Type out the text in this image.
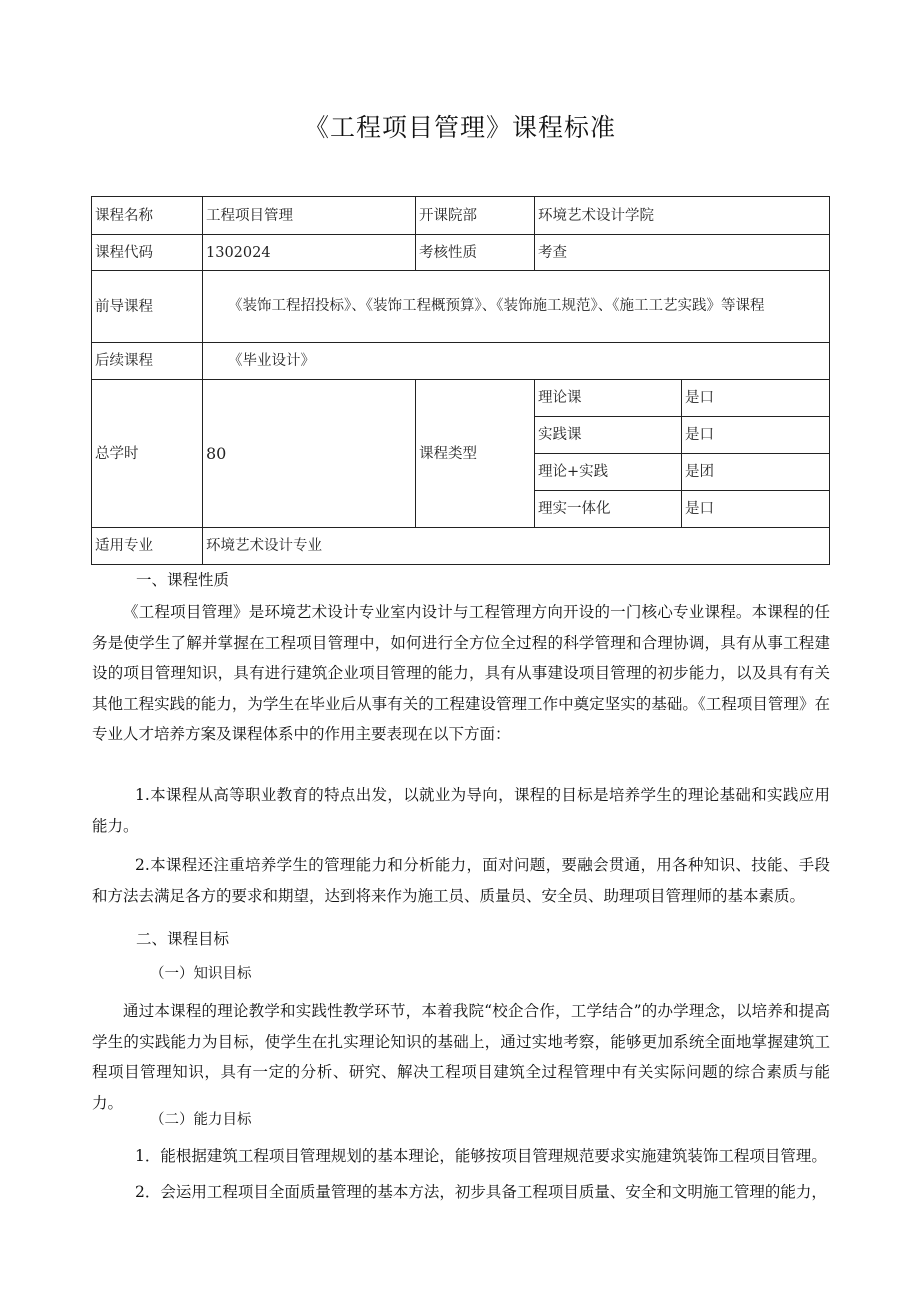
《工程项目管理》课程标准
课程名称	工程项目管理	开课院部	环境艺术设计学院	
课程代码	1302024	考核性质	考查	
前导课程	《装饰工程招投标》、《装饰工程概预算》、《装饰施工规范》、《施工工艺实践》等课程			
后续课程	《毕业设计》			
总学时	80	课程类型	理论课	是口
			实践课	是口
			理论+实践	是团
			理实一体化	是口
适用专业	环境艺术设计专业			
一、课程性质
《工程项目管理》是环境艺术设计专业室内设计与工程管理方向开设的一门核心专业课程。本课程的任务是使学生了解并掌握在工程项目管理中，如何进行全方位全过程的科学管理和合理协调，具有从事工程建设的项目管理知识，具有进行建筑企业项目管理的能力，具有从事建设项目管理的初步能力，以及具有有关其他工程实践的能力，为学生在毕业后从事有关的工程建设管理工作中奠定坚实的基础。《工程项目管理》在专业人才培养方案及课程体系中的作用主要表现在以下方面：
1.本课程从高等职业教育的特点出发，以就业为导向，课程的目标是培养学生的理论基础和实践应用能力。
2.本课程还注重培养学生的管理能力和分析能力，面对问题，要融会贯通，用各种知识、技能、手段和方法去满足各方的要求和期望，达到将来作为施工员、质量员、安全员、助理项目管理师的基本素质。
二、课程目标
（一）知识目标
通过本课程的理论教学和实践性教学环节，本着我院“校企合作，工学结合”的办学理念，以培养和提高学生的实践能力为目标，使学生在扎实理论知识的基础上，通过实地考察，能够更加系统全面地掌握建筑工程项目管理知识，具有一定的分析、研究、解决工程项目建筑全过程管理中有关实际问题的综合素质与能力。
（二）能力目标
1．能根据建筑工程项目管理规划的基本理论，能够按项目管理规范要求实施建筑装饰工程项目管理。
2．会运用工程项目全面质量管理的基本方法，初步具备工程项目质量、安全和文明施工管理的能力，
